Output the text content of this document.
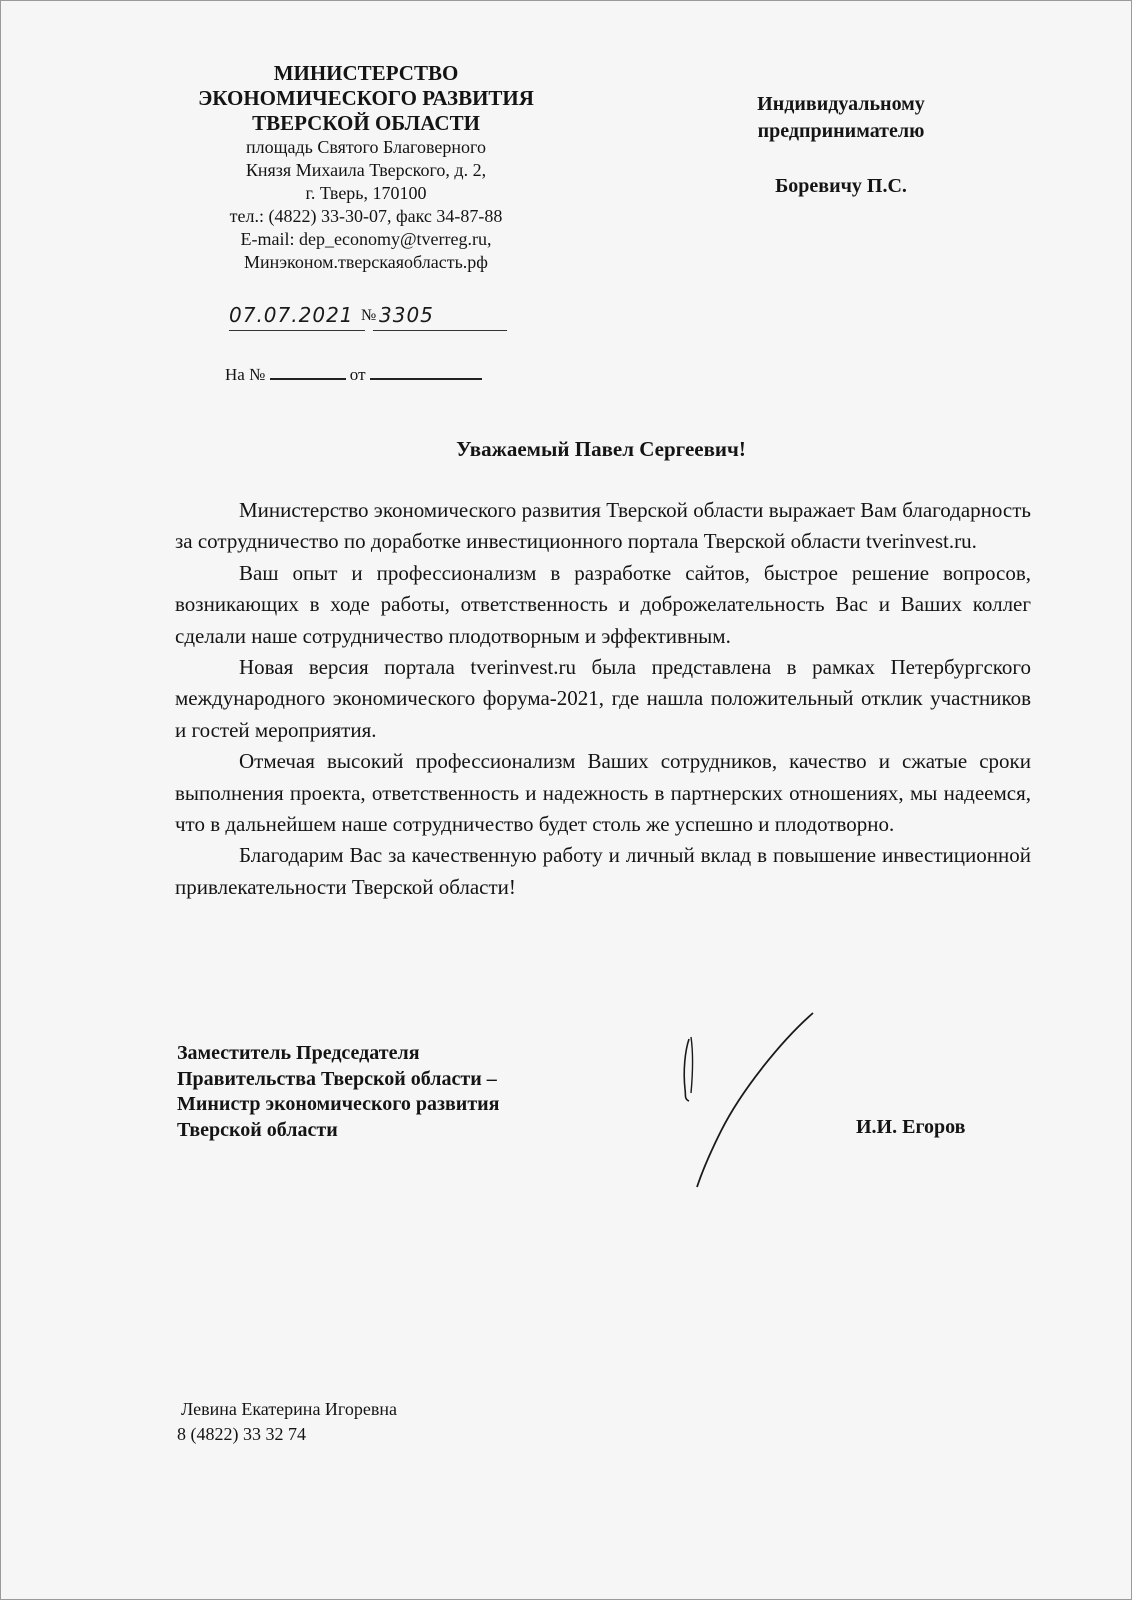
МИНИСТЕРСТВО
ЭКОНОМИЧЕСКОГО РАЗВИТИЯ
ТВЕРСКОЙ ОБЛАСТИ
площадь Святого Благоверного
Князя Михаила Тверского, д. 2,
г. Тверь, 170100
тел.: (4822) 33-30-07, факс 34-87-88
E-mail: dep_economy@tverreg.ru,
Минэконом.тверскаяобласть.рф
07.07.2021 № 3305
На №	от
Индивидуальному
предпринимателю
Боревичу П.С.
Уважаемый Павел Сергеевич!

Министерство экономического развития Тверской области выражает Вам благодарность за сотрудничество по доработке инвестиционного портала Тверской области tverinvest.ru.

Ваш опыт и профессионализм в разработке сайтов, быстрое решение вопросов, возникающих в ходе работы, ответственность и доброжелательность Вас и Ваших коллег сделали наше сотрудничество плодотворным и эффективным.

Новая версия портала tverinvest.ru была представлена в рамках Петербургского международного экономического форума-2021, где нашла положительный отклик участников и гостей мероприятия.

Отмечая высокий профессионализм Ваших сотрудников, качество и сжатые сроки выполнения проекта, ответственность и надежность в партнерских отношениях, мы надеемся, что в дальнейшем наше сотрудничество будет столь же успешно и плодотворно.

Благодарим Вас за качественную работу и личный вклад в повышение инвестиционной привлекательности Тверской области!

Заместитель Председателя
Правительства Тверской области –
Министр экономического развития
Тверской области	И.И. Егоров
Левина Екатерина Игоревна
8 (4822) 33 32 74
